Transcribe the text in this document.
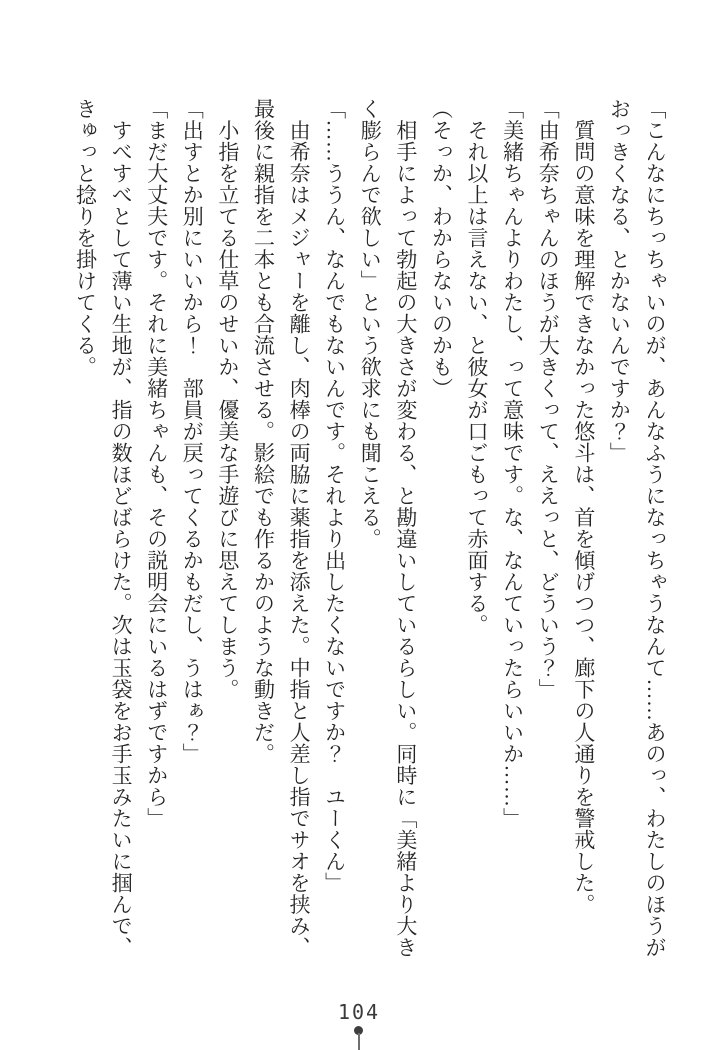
「こんなにちっちゃいのが、あんなふうになっちゃうなんて……あのっ、わたしのほうが

おっきくなる、とかないんですか？」

　質問の意味を理解できなかった悠斗は、首を傾げつつ、廊下の人通りを警戒した。

「由希奈ちゃんのほうが大きくって、ええっと、どういう？」

「美緒ちゃんよりわたし、って意味です。な、なんていったらいいか……」

　それ以上は言えない、と彼女が口ごもって赤面する。

（そっか、わからないのかも）

　相手によって勃起の大きさが変わる、と勘違いしているらしい。同時に「美緒より大き

く膨らんで欲しい」という欲求にも聞こえる。

「……ううん、なんでもないんです。それより出したくないですか？　ユーくん」

　由希奈はメジャーを離し、肉棒の両脇に薬指を添えた。中指と人差し指でサオを挟み、

最後に親指を二本とも合流させる。影絵でも作るかのような動きだ。

　小指を立てる仕草のせいか、優美な手遊びに思えてしまう。

「出すとか別にいいから！　部員が戻ってくるかもだし、うはぁ？」

「まだ大丈夫です。それに美緒ちゃんも、その説明会にいるはずですから」

　すべすべとして薄い生地が、指の数ほどばらけた。次は玉袋をお手玉みたいに掴んで、

きゅっと捻りを掛けてくる。

104
